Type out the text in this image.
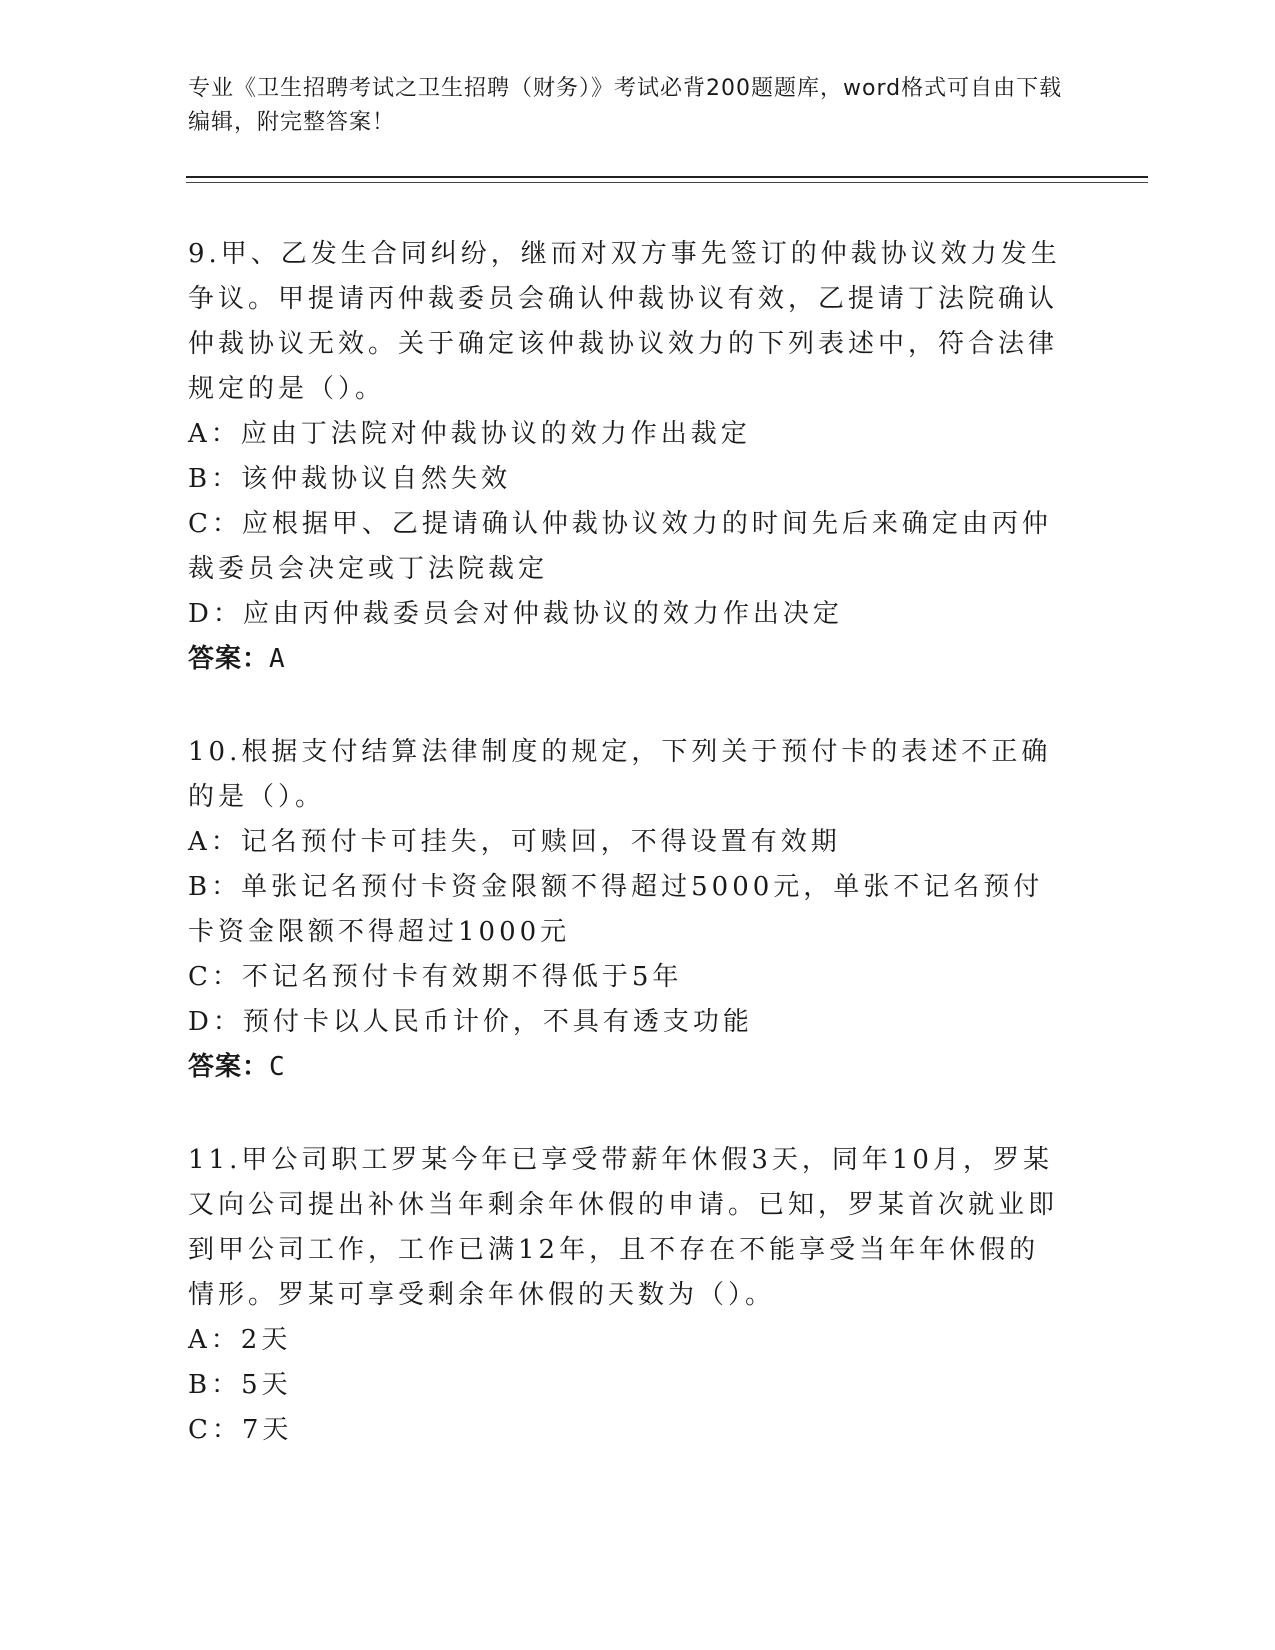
专业《卫生招聘考试之卫生招聘（财务）》考试必背200题题库，word格式可自由下载编辑，附完整答案！
9.甲、乙发生合同纠纷，继而对双方事先签订的仲裁协议效力发生争议。甲提请丙仲裁委员会确认仲裁协议有效，乙提请丁法院确认仲裁协议无效。关于确定该仲裁协议效力的下列表述中，符合法律规定的是（）。
A：应由丁法院对仲裁协议的效力作出裁定
B：该仲裁协议自然失效
C：应根据甲、乙提请确认仲裁协议效力的时间先后来确定由丙仲裁委员会决定或丁法院裁定
D：应由丙仲裁委员会对仲裁协议的效力作出决定
答案：A
10.根据支付结算法律制度的规定，下列关于预付卡的表述不正确的是（）。
A：记名预付卡可挂失，可赎回，不得设置有效期
B：单张记名预付卡资金限额不得超过5000元，单张不记名预付卡资金限额不得超过1000元
C：不记名预付卡有效期不得低于5年
D：预付卡以人民币计价，不具有透支功能
答案：C
11.甲公司职工罗某今年已享受带薪年休假3天，同年10月，罗某又向公司提出补休当年剩余年休假的申请。已知，罗某首次就业即到甲公司工作，工作已满12年，且不存在不能享受当年年休假的情形。罗某可享受剩余年休假的天数为（）。
A：2天
B：5天
C：7天
